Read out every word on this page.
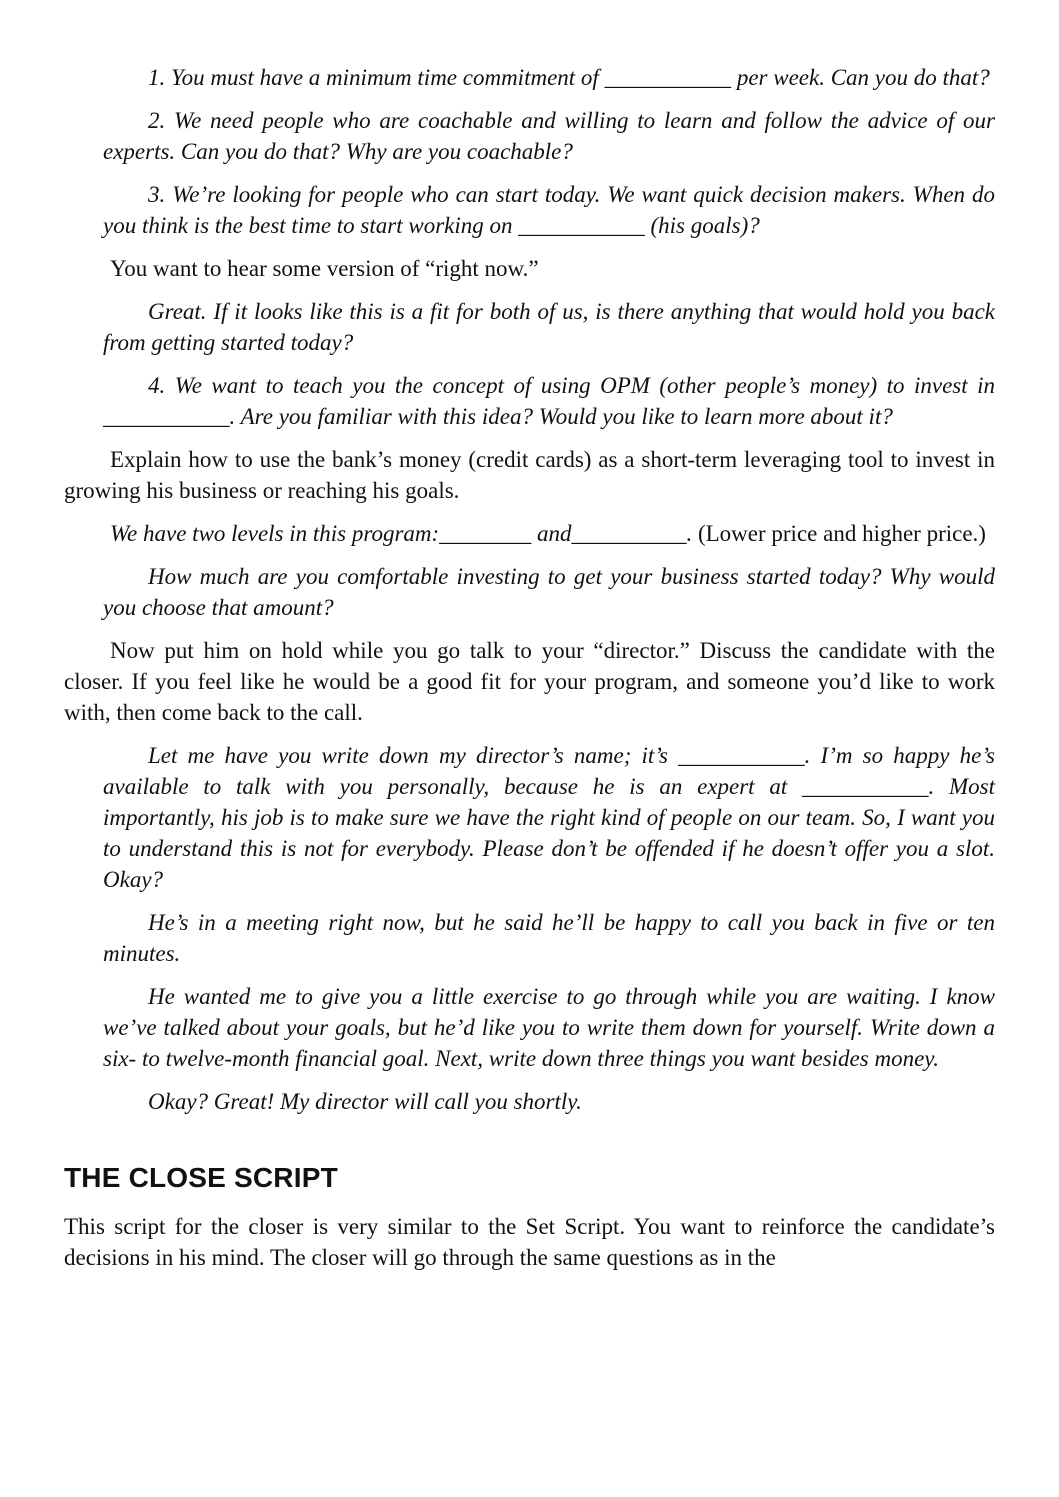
1. You must have a minimum time commitment of ___________ per week. Can you do that?

2. We need people who are coachable and willing to learn and follow the advice of our experts. Can you do that? Why are you coachable?

3. We’re looking for people who can start today. We want quick decision makers. When do you think is the best time to start working on ___________ (his goals)?

You want to hear some version of “right now.”

Great. If it looks like this is a fit for both of us, is there anything that would hold you back from getting started today?

4. We want to teach you the concept of using OPM (other people’s money) to invest in ___________. Are you familiar with this idea? Would you like to learn more about it?

Explain how to use the bank’s money (credit cards) as a short-term leveraging tool to invest in growing his business or reaching his goals.

We have two levels in this program:________ and__________. (Lower price and higher price.)

How much are you comfortable investing to get your business started today? Why would you choose that amount?

Now put him on hold while you go talk to your “director.” Discuss the candidate with the closer. If you feel like he would be a good fit for your program, and someone you’d like to work with, then come back to the call.

Let me have you write down my director’s name; it’s ___________. I’m so happy he’s available to talk with you personally, because he is an expert at ___________. Most importantly, his job is to make sure we have the right kind of people on our team. So, I want you to understand this is not for everybody. Please don’t be offended if he doesn’t offer you a slot. Okay?

He’s in a meeting right now, but he said he’ll be happy to call you back in five or ten minutes.

He wanted me to give you a little exercise to go through while you are waiting. I know we’ve talked about your goals, but he’d like you to write them down for yourself. Write down a six- to twelve-month financial goal. Next, write down three things you want besides money.

Okay? Great! My director will call you shortly.

THE CLOSE SCRIPT

This script for the closer is very similar to the Set Script. You want to reinforce the candidate’s decisions in his mind. The closer will go through the same questions as in the
